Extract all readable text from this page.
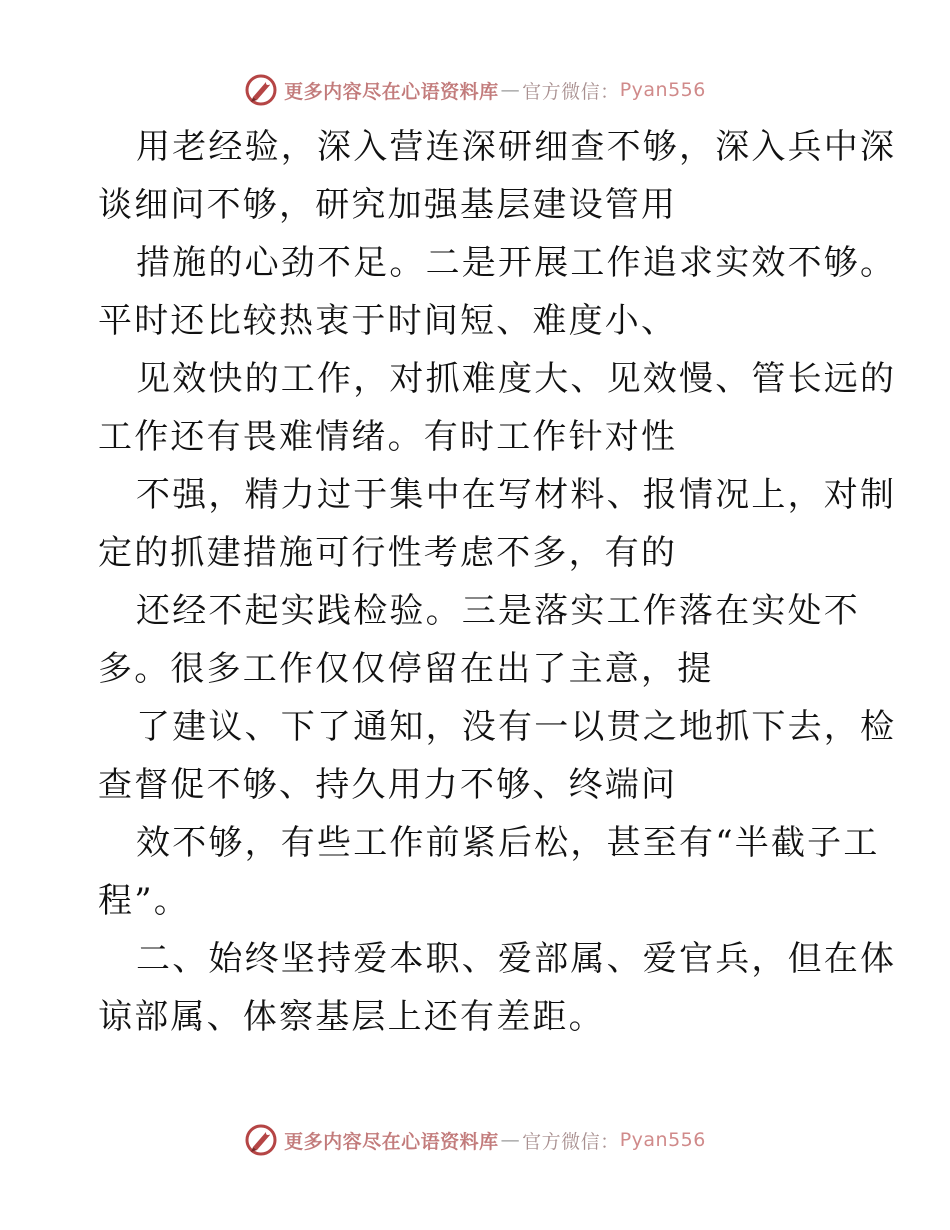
更多内容尽在心语资料库 — 官方微信： Pyan556
用老经验，深入营连深研细查不够，深入兵中深
谈细问不够，研究加强基层建设管用
措施的心劲不足。二是开展工作追求实效不够。
平时还比较热衷于时间短、难度小、
见效快的工作，对抓难度大、见效慢、管长远的
工作还有畏难情绪。有时工作针对性
不强，精力过于集中在写材料、报情况上，对制
定的抓建措施可行性考虑不多，有的
还经不起实践检验。三是落实工作落在实处不
多。很多工作仅仅停留在出了主意，提
了建议、下了通知，没有一以贯之地抓下去，检
查督促不够、持久用力不够、终端问
效不够，有些工作前紧后松，甚至有“半截子工
程”。
二、始终坚持爱本职、爱部属、爱官兵，但在体
谅部属、体察基层上还有差距。
更多内容尽在心语资料库 — 官方微信： Pyan556
